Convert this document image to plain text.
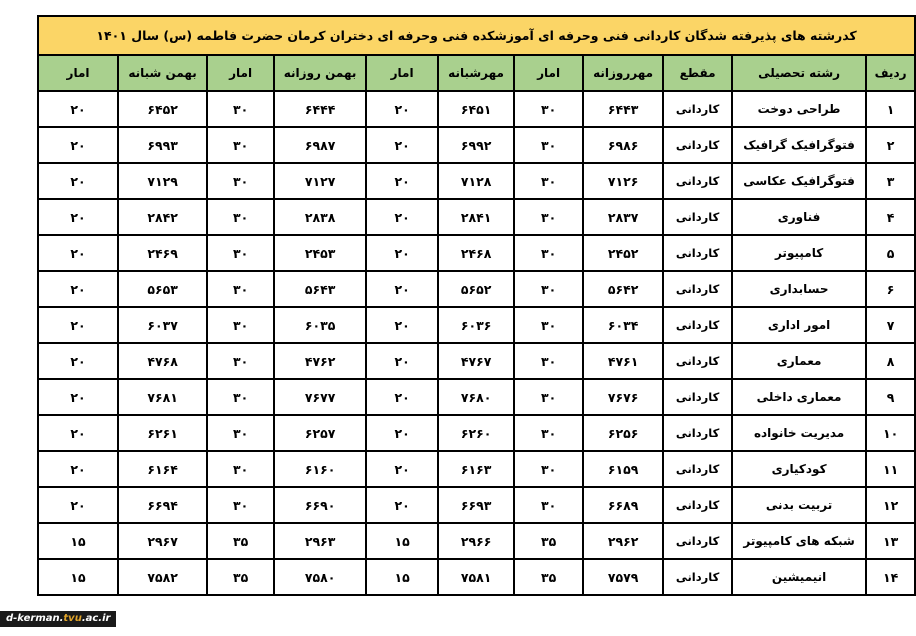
کدرشته های پذیرفته شدگان کاردانی فنی وحرفه ای آموزشکده فنی وحرفه ای دختران کرمان حضرت فاطمه (س) سال ۱۴۰۱										
ردیف	رشته تحصیلی	مقطع	مهرروزانه	امار	مهرشبانه	امار	بهمن روزانه	امار	بهمن شبانه	امار
۱	طراحی دوخت	کاردانی	۶۴۴۳	۳۰	۶۴۵۱	۲۰	۶۴۴۴	۳۰	۶۴۵۲	۲۰
۲	فتوگرافیک گرافیک	کاردانی	۶۹۸۶	۳۰	۶۹۹۲	۲۰	۶۹۸۷	۳۰	۶۹۹۳	۲۰
۳	فتوگرافیک عکاسی	کاردانی	۷۱۲۶	۳۰	۷۱۲۸	۲۰	۷۱۲۷	۳۰	۷۱۲۹	۲۰
۴	فناوری	کاردانی	۲۸۳۷	۳۰	۲۸۴۱	۲۰	۲۸۳۸	۳۰	۲۸۴۲	۲۰
۵	کامپیوتر	کاردانی	۲۴۵۲	۳۰	۲۴۶۸	۲۰	۲۴۵۳	۳۰	۲۴۶۹	۲۰
۶	حسابداری	کاردانی	۵۶۴۲	۳۰	۵۶۵۲	۲۰	۵۶۴۳	۳۰	۵۶۵۳	۲۰
۷	امور اداری	کاردانی	۶۰۳۴	۳۰	۶۰۳۶	۲۰	۶۰۳۵	۳۰	۶۰۳۷	۲۰
۸	معماری	کاردانی	۴۷۶۱	۳۰	۴۷۶۷	۲۰	۴۷۶۲	۳۰	۴۷۶۸	۲۰
۹	معماری داخلی	کاردانی	۷۶۷۶	۳۰	۷۶۸۰	۲۰	۷۶۷۷	۳۰	۷۶۸۱	۲۰
۱۰	مدیریت خانواده	کاردانی	۶۲۵۶	۳۰	۶۲۶۰	۲۰	۶۲۵۷	۳۰	۶۲۶۱	۲۰
۱۱	کودکیاری	کاردانی	۶۱۵۹	۳۰	۶۱۶۳	۲۰	۶۱۶۰	۳۰	۶۱۶۴	۲۰
۱۲	تربیت بدنی	کاردانی	۶۶۸۹	۳۰	۶۶۹۳	۲۰	۶۶۹۰	۳۰	۶۶۹۴	۲۰
۱۳	شبکه های کامپیوتر	کاردانی	۲۹۶۲	۳۵	۲۹۶۶	۱۵	۲۹۶۳	۳۵	۲۹۶۷	۱۵
۱۴	انیمیشین	کاردانی	۷۵۷۹	۳۵	۷۵۸۱	۱۵	۷۵۸۰	۳۵	۷۵۸۲	۱۵
d-kerman.tvu.ac.ir
